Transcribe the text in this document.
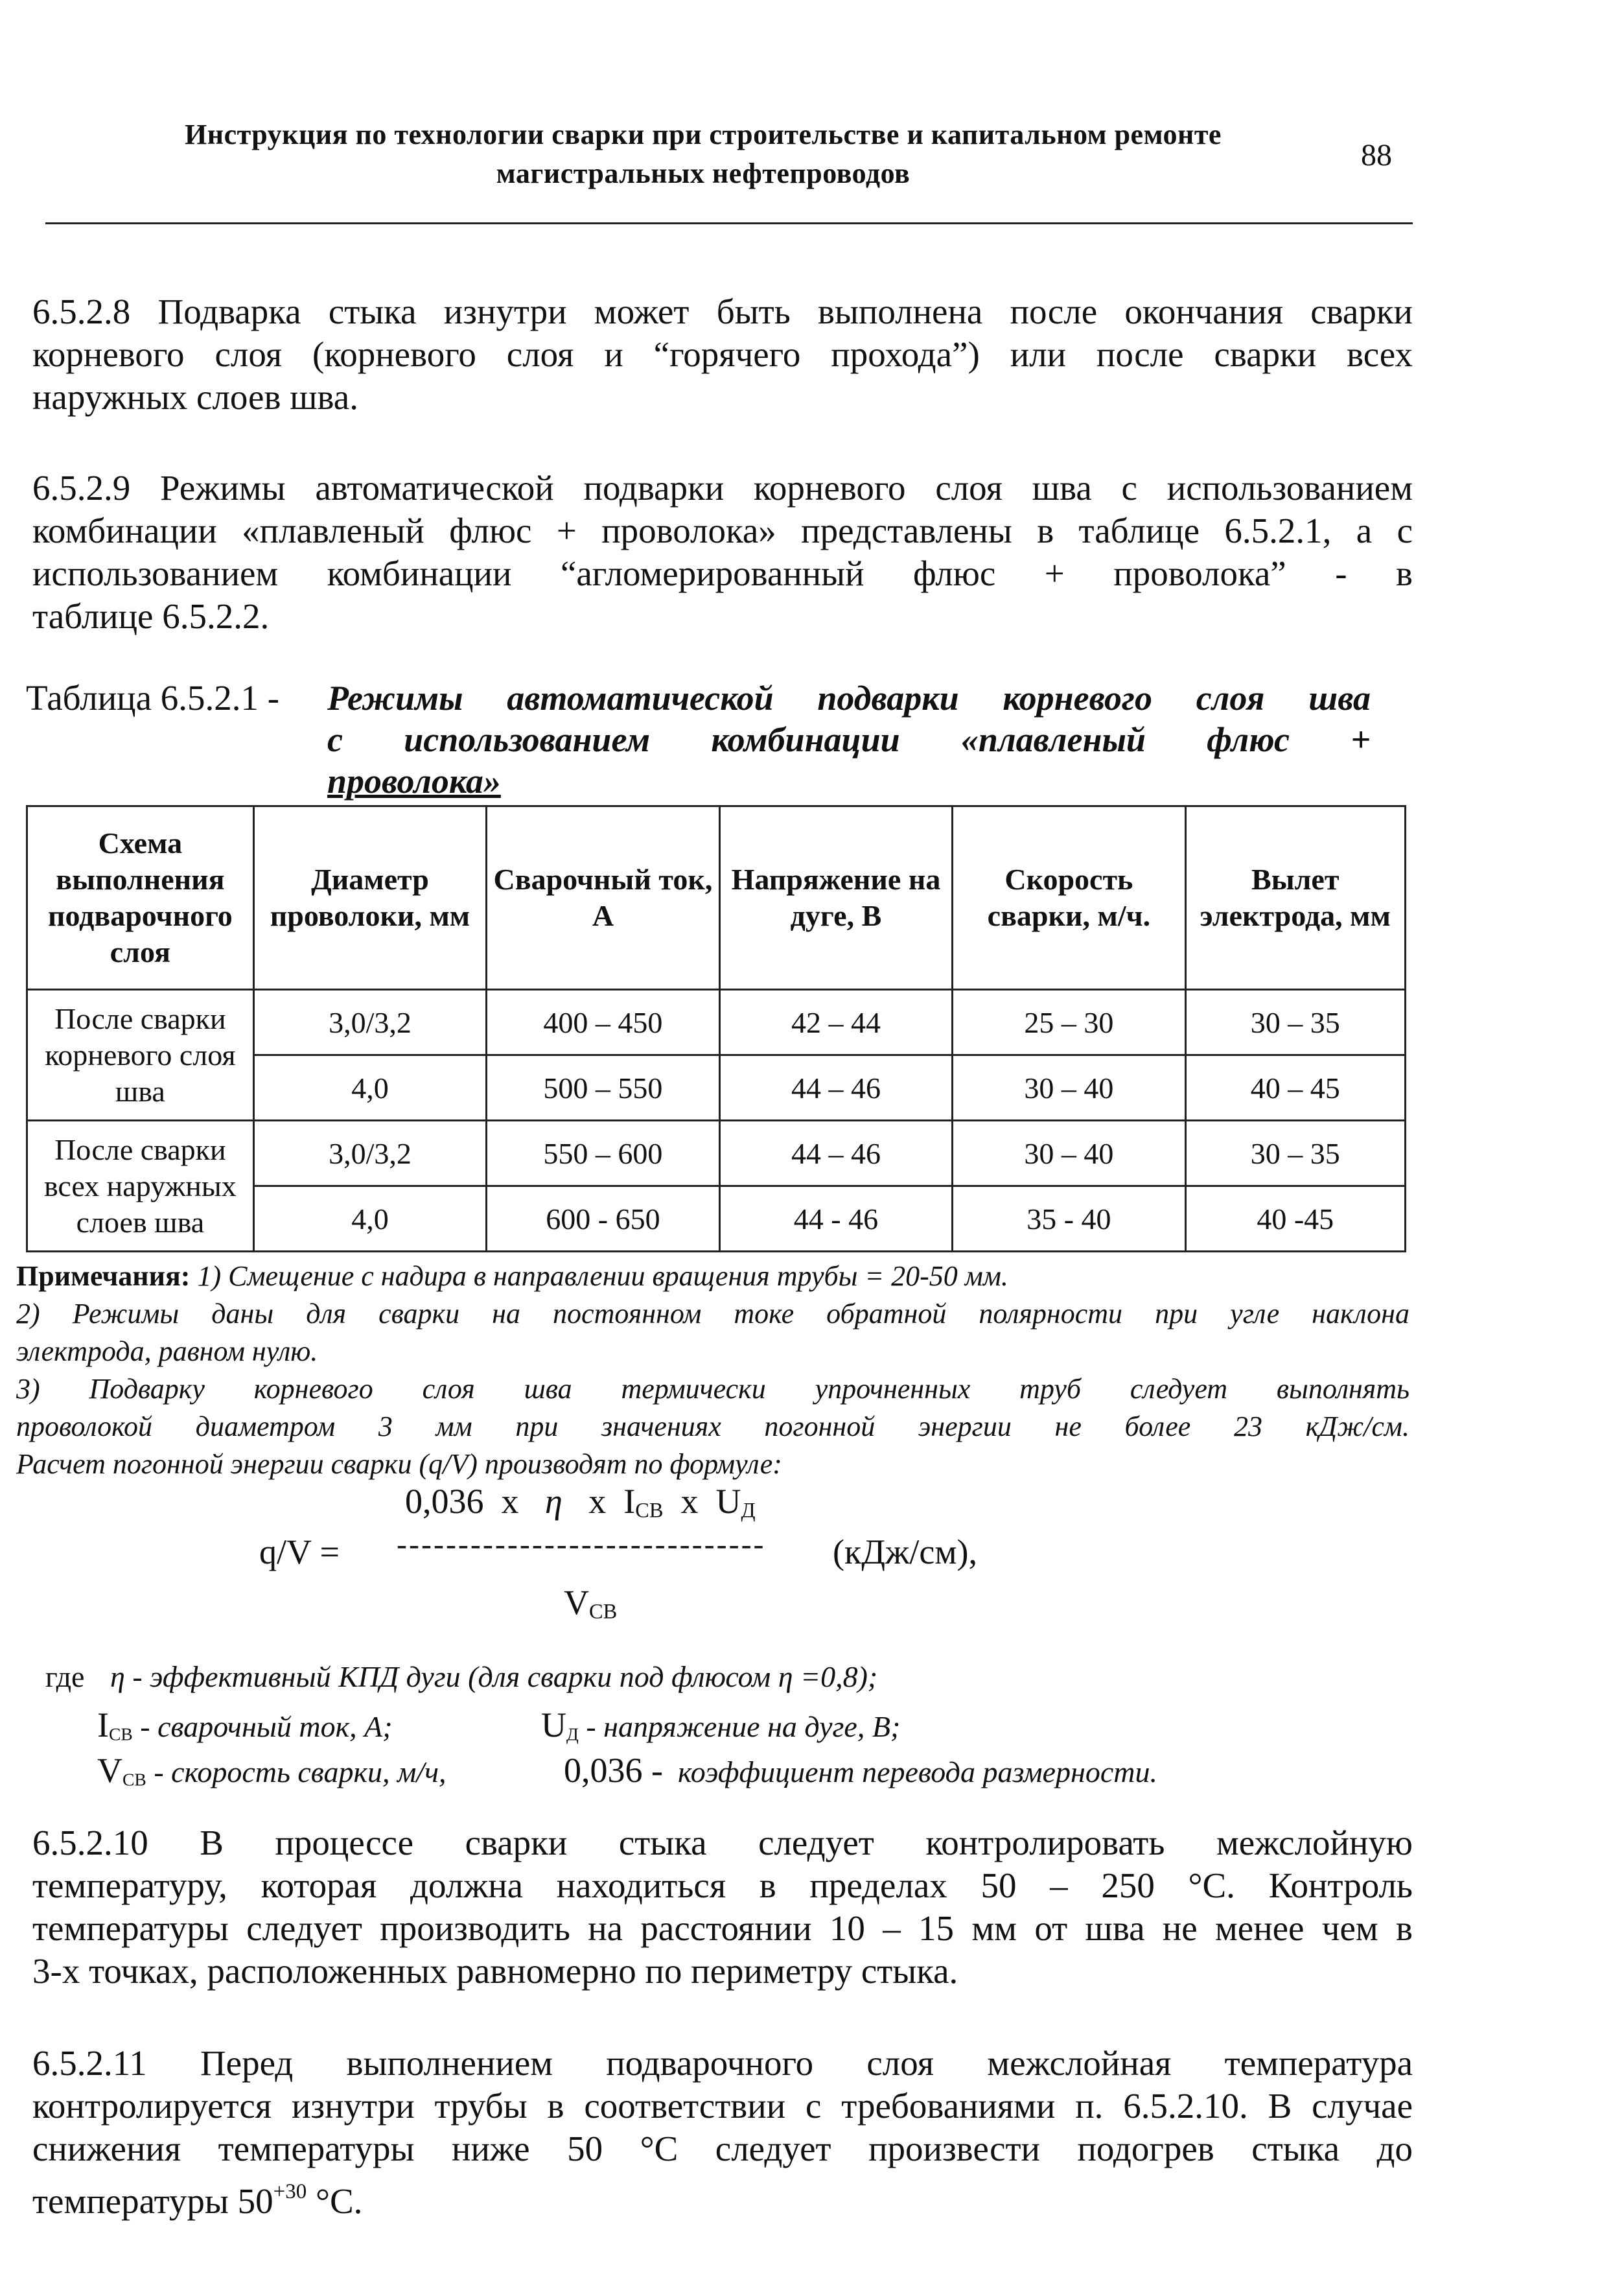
Инструкция по технологии сварки при строительстве и капитальном ремонте
магистральных нефтепроводов
88
6.5.2.8 Подварка стыка изнутри может быть выполнена после окончания сварки
корневого слоя (корневого слоя и “горячего прохода”) или после сварки всех
наружных слоев шва.
6.5.2.9 Режимы автоматической подварки корневого слоя шва с использованием
комбинации «плавленый флюс + проволока» представлены в таблице 6.5.2.1, а с
использованием комбинации “агломерированный флюс + проволока” - в
таблице 6.5.2.2.
Таблица 6.5.2.1 - Режимы автоматической подварки корневого слоя шва
с использованием комбинации «плавленый флюс +
проволока»
Схема выполнения подварочного слоя	Диаметр проволоки, мм	Сварочный ток, А	Напряжение на дуге, В	Скорость сварки, м/ч.	Вылет электрода, мм
После сварки корневого слоя шва	3,0/3,2	400 – 450	42 – 44	25 – 30	30 – 35
	4,0	500 – 550	44 – 46	30 – 40	40 – 45
После сварки всех наружных слоев шва	3,0/3,2	550 – 600	44 – 46	30 – 40	30 – 35
	4,0	600 - 650	44 - 46	35 - 40	40 -45
Примечания: 1) Смещение с надира в направлении вращения трубы = 20-50 мм.
2) Режимы даны для сварки на постоянном токе обратной полярности при угле наклона
электрода, равном нулю.
3) Подварку корневого слоя шва термически упрочненных труб следует выполнять
проволокой диаметром 3 мм при значениях погонной энергии не более 23 кДж/см.
Расчет погонной энергии сварки (q/V) производят по формуле:
0,036 х η х $I_{СВ}$ х $U_Д$
q/V = ------------------------------ (кДж/см),
$V_{СВ}$
где η - эффективный КПД дуги (для сварки под флюсом η =0,8);
IСВ - сварочный ток, А;	UД - напряжение на дуге, В;
VСВ - скорость сварки, м/ч,	0,036 - коэффициент перевода размерности.
6.5.2.10 В процессе сварки стыка следует контролировать межслойную
температуру, которая должна находиться в пределах 50 – 250 °С. Контроль
температуры следует производить на расстоянии 10 – 15 мм от шва не менее чем в
3-х точках, расположенных равномерно по периметру стыка.
6.5.2.11 Перед выполнением подварочного слоя межслойная температура
контролируется изнутри трубы в соответствии с требованиями п. 6.5.2.10. В случае
снижения температуры ниже 50 °С следует произвести подогрев стыка до
температуры $50^{+30}$ °С.
